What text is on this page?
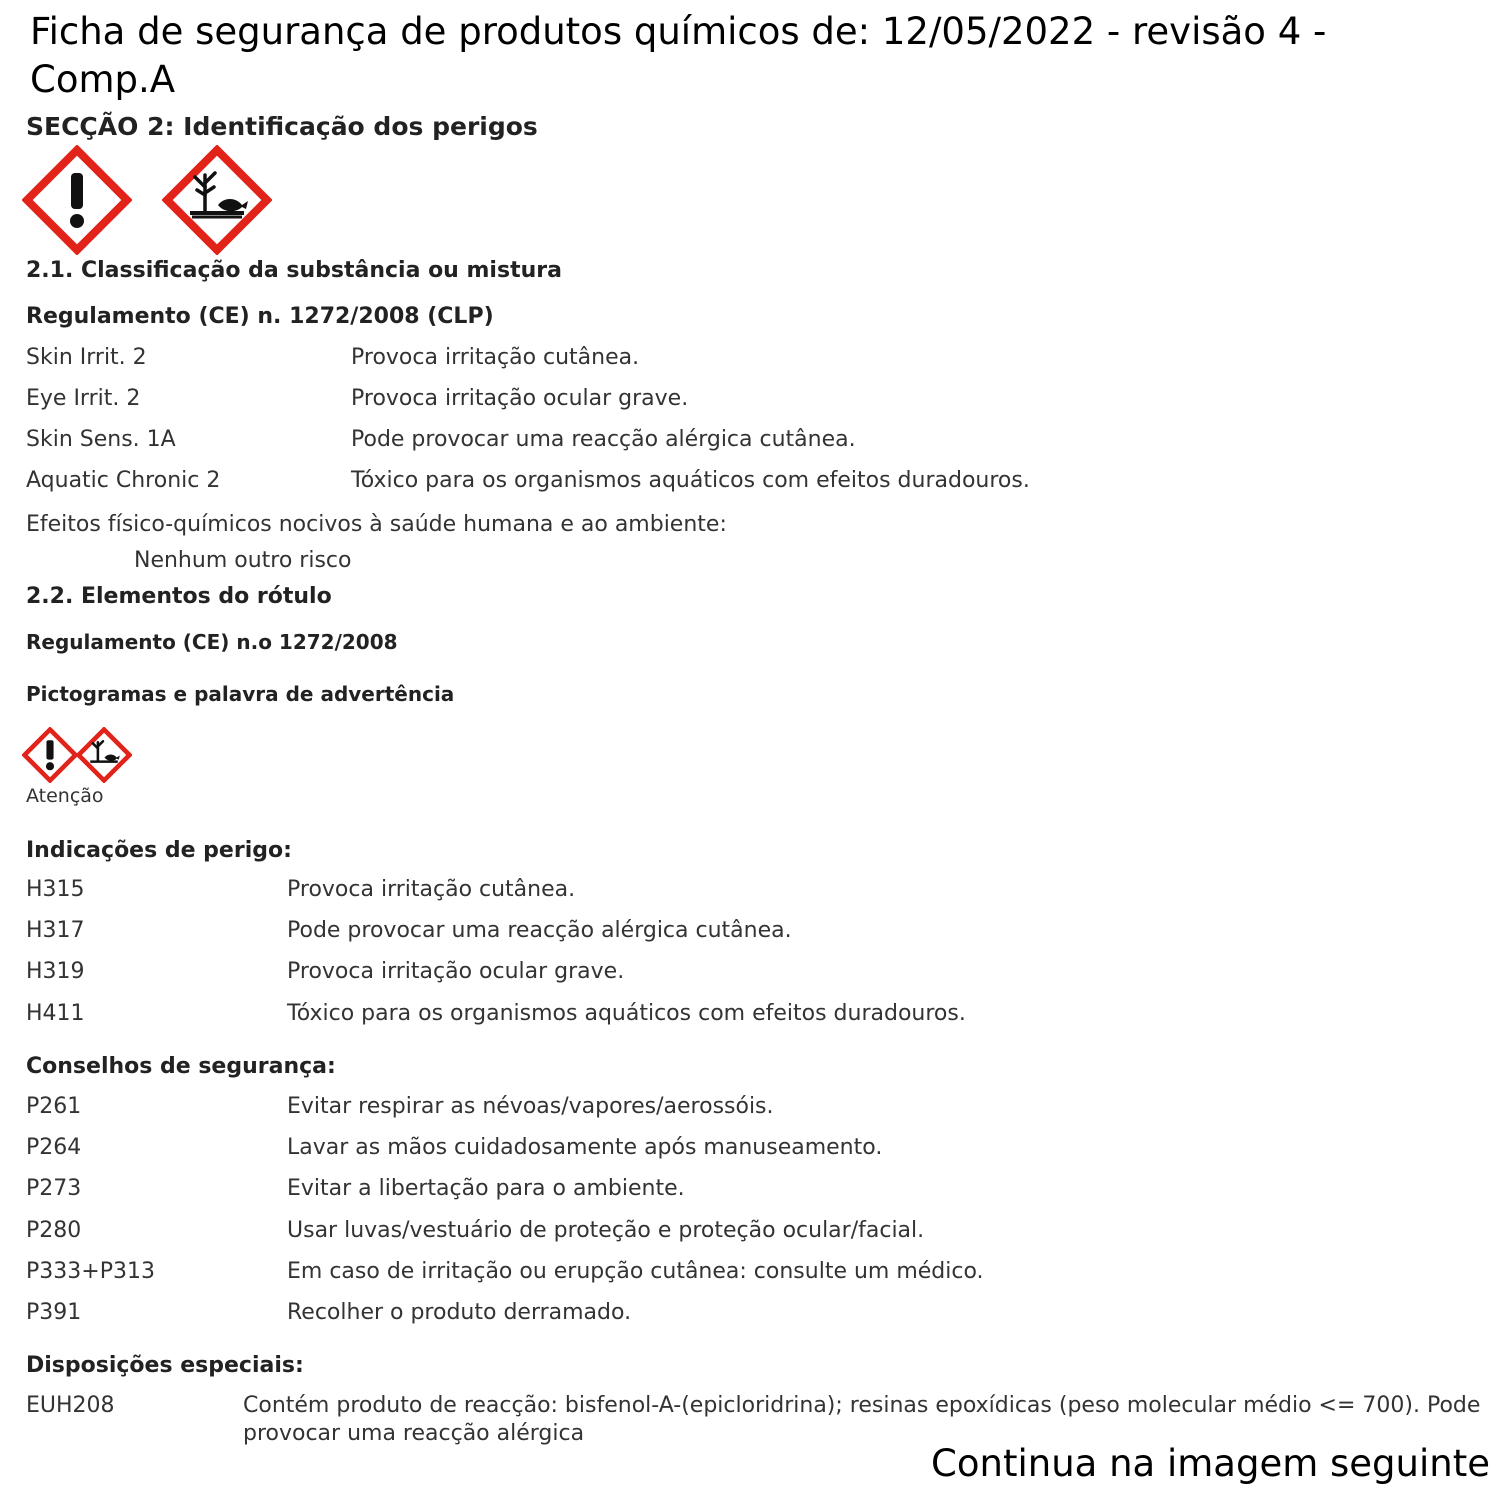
Ficha de segurança de produtos químicos de: 12/05/2022 - revisão 4 - Comp.A
SECÇÃO 2: Identificação dos perigos
2.1. Classificação da substância ou mistura
Regulamento (CE) n. 1272/2008 (CLP)
Skin Irrit. 2	Provoca irritação cutânea.
Eye Irrit. 2	Provoca irritação ocular grave.
Skin Sens. 1A	Pode provocar uma reacção alérgica cutânea.
Aquatic Chronic 2	Tóxico para os organismos aquáticos com efeitos duradouros.
Efeitos físico-químicos nocivos à saúde humana e ao ambiente:
Nenhum outro risco
2.2. Elementos do rótulo
Regulamento (CE) n.o 1272/2008
Pictogramas e palavra de advertência
Atenção
Indicações de perigo:
H315	Provoca irritação cutânea.
H317	Pode provocar uma reacção alérgica cutânea.
H319	Provoca irritação ocular grave.
H411	Tóxico para os organismos aquáticos com efeitos duradouros.
Conselhos de segurança:
P261	Evitar respirar as névoas/vapores/aerossóis.
P264	Lavar as mãos cuidadosamente após manuseamento.
P273	Evitar a libertação para o ambiente.
P280	Usar luvas/vestuário de proteção e proteção ocular/facial.
P333+P313	Em caso de irritação ou erupção cutânea: consulte um médico.
P391	Recolher o produto derramado.
Disposições especiais:
EUH208	Contém produto de reacção: bisfenol-A-(epicloridrina); resinas epoxídicas (peso molecular médio <= 700). Pode provocar uma reacção alérgica
Continua na imagem seguinte
